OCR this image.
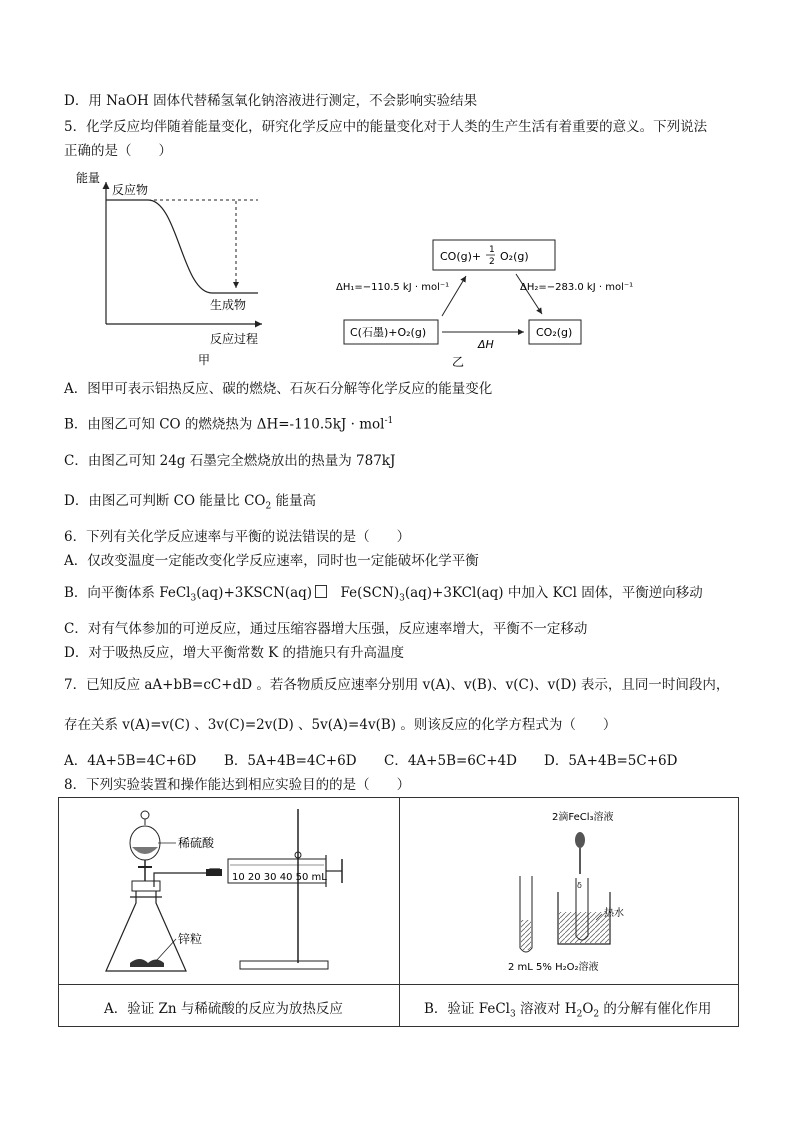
D．用 NaOH 固体代替稀氢氧化钠溶液进行测定，不会影响实验结果
5．化学反应均伴随着能量变化，研究化学反应中的能量变化对于人类的生产生活有着重要的意义。下列说法
正确的是（　　）
能量
反应过程
反应物
生成物
甲
CO(g)+ 1
2 O₂(g)
C(石墨)+O₂(g)	CO₂(g)
ΔH₁=−110.5 kJ · mol⁻¹	ΔH₂=−283.0 kJ · mol⁻¹
ΔH
乙
A．图甲可表示铝热反应、碳的燃烧、石灰石分解等化学反应的能量变化
B．由图乙可知 CO 的燃烧热为 ΔH=-110.5kJ · mol$^{-1}$
C．由图乙可知 24g 石墨完全燃烧放出的热量为 787kJ
D．由图乙可判断 CO 能量比 $CO_2$ 能量高
6．下列有关化学反应速率与平衡的说法错误的是（　　）
A．仅改变温度一定能改变化学反应速率，同时也一定能破坏化学平衡
B．向平衡体系 FeCl$_3$(aq)+3KSCN(aq)　$Fe(SCN)_3(aq)+3KCl(aq)$ 中加入 KCl 固体，平衡逆向移动
C．对有气体参加的可逆反应，通过压缩容器增大压强，反应速率增大，平衡不一定移动
D．对于吸热反应，增大平衡常数 K 的措施只有升高温度
7．已知反应 aA+bB=cC+dD 。若各物质反应速率分别用 v(A)、v(B)、v(C)、v(D) 表示，且同一时间段内，
存在关系 v(A)=v(C) 、3v(C)=2v(D) 、5v(A)=4v(B) 。则该反应的化学方程式为（　　）
A．4A+5B=4C+6D B．5A+4B=4C+6D C．4A+5B=6C+4D D．5A+4B=5C+6D
8．下列实验装置和操作能达到相应实验目的的是（　　）
10 20 30 40 50 mL
稀硫酸
锌粒
2滴FeCl₃溶液
δ
热水
2 mL 5% H₂O₂溶液
A．验证 Zn 与稀硫酸的反应为放热反应	B．验证 FeCl$_3$ 溶液对 $H_2O_2$ 的分解有催化作用
